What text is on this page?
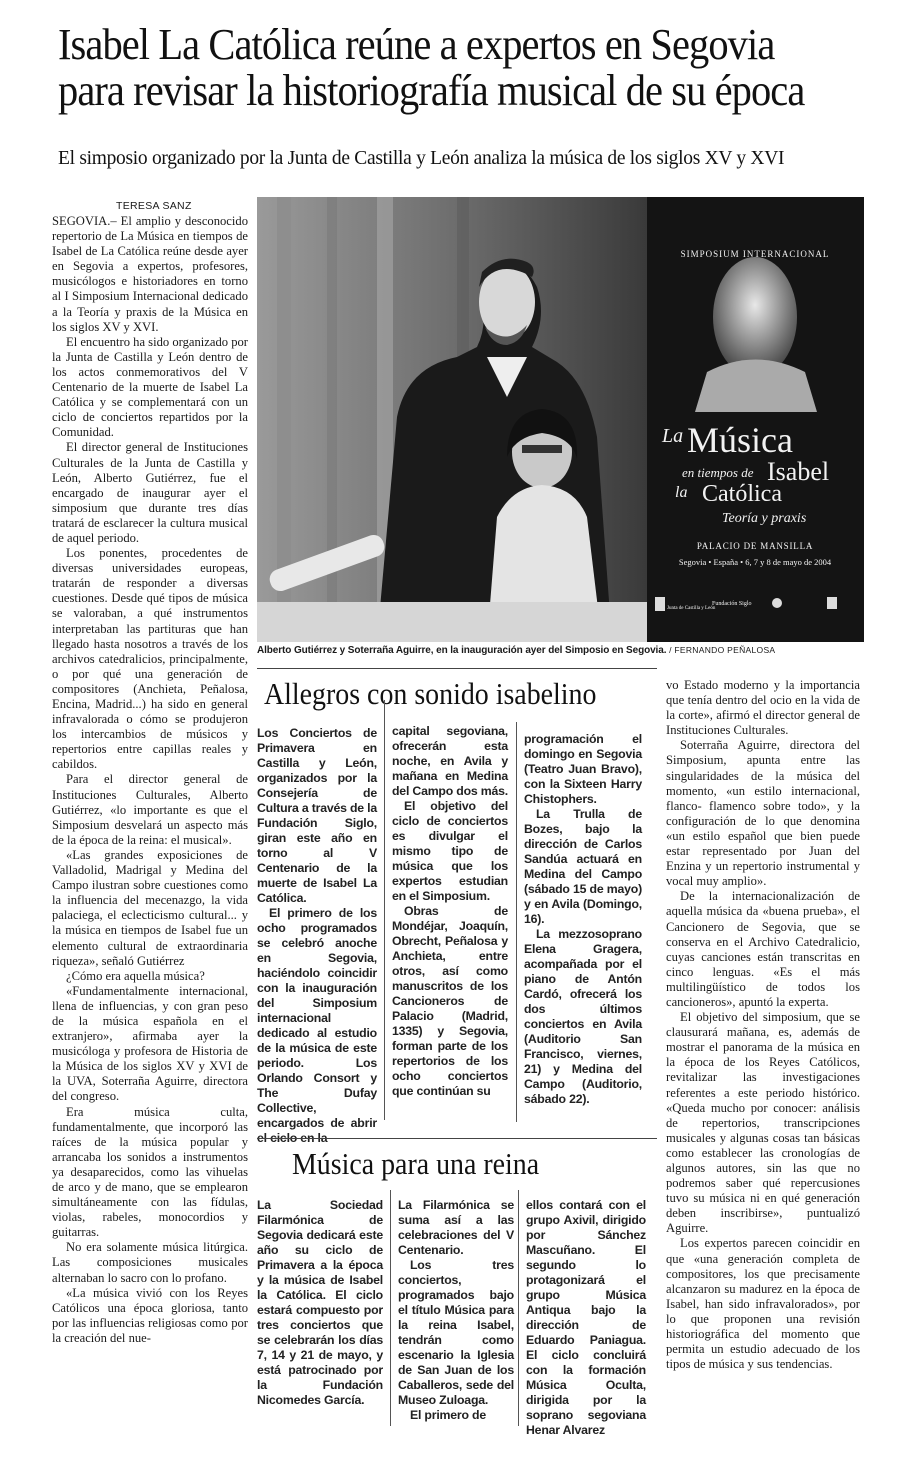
Isabel La Católica reúne a expertos en Segovia
para revisar la historiografía musical de su época
El simposio organizado por la Junta de Castilla y León analiza la música de los siglos XV y XVI
TERESA SANZ

SEGOVIA.– El amplio y desconocido repertorio de La Música en tiempos de Isabel de La Católica reúne desde ayer en Segovia a expertos, profesores, musicólogos e historiadores en torno al I Simposium Internacional dedicado a la Teoría y praxis de la Música en los siglos XV y XVI.

El encuentro ha sido organizado por la Junta de Castilla y León dentro de los actos conmemorativos del V Centenario de la muerte de Isabel La Católica y se complementará con un ciclo de conciertos repartidos por la Comunidad.

El director general de Instituciones Culturales de la Junta de Castilla y León, Alberto Gutiérrez, fue el encargado de inaugurar ayer el simposium que durante tres días tratará de esclarecer la cultura musical de aquel periodo.

Los ponentes, procedentes de diversas universidades europeas, tratarán de responder a diversas cuestiones. Desde qué tipos de música se valoraban, a qué instrumentos interpretaban las partituras que han llegado hasta nosotros a través de los archivos catedralicios, principalmente, o por qué una generación de compositores (Anchieta, Peñalosa, Encina, Madrid...) ha sido en general infravalorada o cómo se produjeron los intercambios de músicos y repertorios entre capillas reales y cabildos.

Para el director general de Instituciones Culturales, Alberto Gutiérrez, «lo importante es que el Simposium desvelará un aspecto más de la época de la reina: el musical».

«Las grandes exposiciones de Valladolid, Madrigal y Medina del Campo ilustran sobre cuestiones como la influencia del mecenazgo, la vida palaciega, el eclecticismo cultural... y la música en tiempos de Isabel fue un elemento cultural de extraordinaria riqueza», señaló Gutiérrez

¿Cómo era aquella música?

«Fundamentalmente internacional, llena de influencias, y con gran peso de la música española en el extranjero», afirmaba ayer la musicóloga y profesora de Historia de la Música de los siglos XV y XVI de la UVA, Soterraña Aguirre, directora del congreso.

Era música culta, fundamentalmente, que incorporó las raíces de la música popular y arrancaba los sonidos a instrumentos ya desaparecidos, como las vihuelas de arco y de mano, que se emplearon simultáneamente con las fídulas, violas, rabeles, monocordios y guitarras.

No era solamente música litúrgica. Las composiciones musicales alternaban lo sacro con lo profano.

«La música vivió con los Reyes Católicos una época gloriosa, tanto por las influencias religiosas como por la creación del nue-

SIMPOSIUM INTERNACIONAL
La Música
en tiempos de Isabel
la Católica
Teoría y praxis
PALACIO DE MANSILLA
Segovia • España • 6, 7 y 8 de mayo de 2004
Junta de Castilla y León
Fundación Siglo
Alberto Gutiérrez y Soterraña Aguirre, en la inauguración ayer del Simposio en Segovia. / FERNANDO PEÑALOSA
Allegros con sonido isabelino

Los Conciertos de Primavera en Castilla y León, organizados por la Consejería de Cultura a través de la Fundación Siglo, giran este año en torno al V Centenario de la muerte de Isabel La Católica.

El primero de los ocho programados se celebró anoche en Segovia, haciéndolo coincidir con la inauguración del Simposium internacional dedicado al estudio de la música de este periodo. Los Orlando Consort y The Dufay Collective, encargados de abrir el ciclo en la

capital segoviana, ofrecerán esta noche, en Avila y mañana en Medina del Campo dos más.

El objetivo del ciclo de conciertos es divulgar el mismo tipo de música que los expertos estudian en el Simposium.

Obras de Mondéjar, Joaquín, Obrecht, Peñalosa y Anchieta, entre otros, así como manuscritos de los Cancioneros de Palacio (Madrid, 1335) y Segovia, forman parte de los repertorios de los ocho conciertos que continúan su

programación el domingo en Segovia (Teatro Juan Bravo), con la Sixteen Harry Chistophers.

La Trulla de Bozes, bajo la dirección de Carlos Sandúa actuará en Medina del Campo (sábado 15 de mayo) y en Avila (Domingo, 16).

La mezzosoprano Elena Gragera, acompañada por el piano de Antón Cardó, ofrecerá los dos últimos conciertos en Avila (Auditorio San Francisco, viernes, 21) y Medina del Campo (Auditorio, sábado 22).

Música para una reina

La Sociedad Filarmónica de Segovia dedicará este año su ciclo de Primavera a la época y la música de Isabel la Católica. El ciclo estará compuesto por tres conciertos que se celebrarán los días 7, 14 y 21 de mayo, y está patrocinado por la Fundación Nicomedes García.

La Filarmónica se suma así a las celebraciones del V Centenario.

Los tres conciertos, programados bajo el título Música para la reina Isabel, tendrán como escenario la Iglesia de San Juan de los Caballeros, sede del Museo Zuloaga.

El primero de

ellos contará con el grupo Axivil, dirigido por Sánchez Mascuñano. El segundo lo protagonizará el grupo Música Antiqua bajo la dirección de Eduardo Paniagua. El ciclo concluirá con la formación Música Oculta, dirigida por la soprano segoviana Henar Alvarez

vo Estado moderno y la importancia que tenía dentro del ocio en la vida de la corte», afirmó el director general de Instituciones Culturales.

Soterraña Aguirre, directora del Simposium, apunta entre las singularidades de la música del momento, «un estilo internacional, flanco- flamenco sobre todo», y la configuración de lo que denomina «un estilo español que bien puede estar representado por Juan del Enzina y un repertorio instrumental y vocal muy amplio».

De la internacionalización de aquella música da «buena prueba», el Cancionero de Segovia, que se conserva en el Archivo Catedralicio, cuyas canciones están transcritas en cinco lenguas. «Es el más multilingüístico de todos los cancioneros», apuntó la experta.

El objetivo del simposium, que se clausurará mañana, es, además de mostrar el panorama de la música en la época de los Reyes Católicos, revitalizar las investigaciones referentes a este periodo histórico. «Queda mucho por conocer: análisis de repertorios, transcripciones musicales y algunas cosas tan básicas como establecer las cronologías de algunos autores, sin las que no podremos saber qué repercusiones tuvo su música ni en qué generación deben inscribirse», puntualizó Aguirre.

Los expertos parecen coincidir en que «una generación completa de compositores, los que precisamente alcanzaron su madurez en la época de Isabel, han sido infravalorados», por lo que proponen una revisión historiográfica del momento que permita un estudio adecuado de los tipos de música y sus tendencias.
